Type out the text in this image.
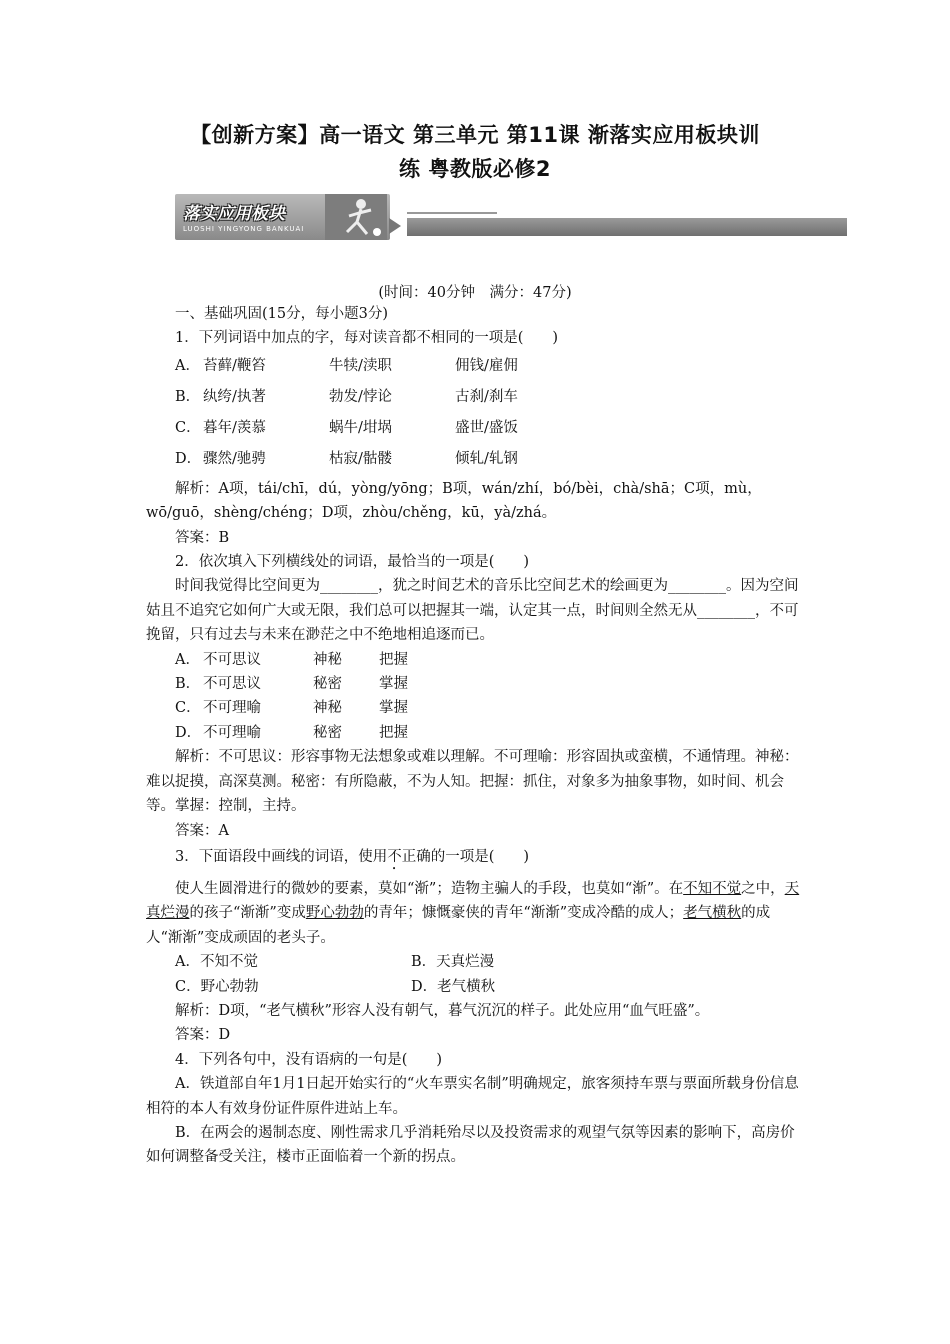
【创新方案】高一语文 第三单元 第11课 渐落实应用板块训
练 粤教版必修2
落实应用板块
LUOSHI YINGYONG BANKUAI
基础练巩固课内知识 能力练提升综合素养
(时间：40分钟　满分：47分)

一、基础巩固(15分，每小题3分)

1．下列词语中加点的字，每对读音都不相同的一项是(　　)

A． 苔藓/鞭笞	牛犊/渎职	佣钱/雇佣
B． 纨绔/执著	勃发/悖论	古刹/刹车
C． 暮年/羡慕	蜗牛/坩埚	盛世/盛饭
D． 骤然/驰骋	枯寂/骷髅	倾轧/轧钢

解析：A项，tái/chī，dú，yòng/yōng；B项，wán/zhí，bó/bèi，chà/shā；C项，mù，wō/guō，shèng/chéng；D项，zhòu/chěng，kū，yà/zhá。

答案：B

2．依次填入下列横线处的词语，最恰当的一项是(　　)

时间我觉得比空间更为________，犹之时间艺术的音乐比空间艺术的绘画更为________。因为空间姑且不追究它如何广大或无限，我们总可以把握其一端，认定其一点，时间则全然无从________，不可挽留，只有过去与未来在渺茫之中不绝地相追逐而已。

A． 不可思议	神秘	把握
B． 不可思议	秘密	掌握
C． 不可理喻	神秘	掌握
D． 不可理喻	秘密	把握

解析：不可思议：形容事物无法想象或难以理解。不可理喻：形容固执或蛮横，不通情理。神秘：难以捉摸，高深莫测。秘密：有所隐蔽，不为人知。把握：抓住，对象多为抽象事物，如时间、机会等。掌握：控制，主持。

答案：A

3．下面语段中画线的词语，使用不正确的一项是(　　)

使人生圆滑进行的微妙的要素，莫如“渐”；造物主骗人的手段，也莫如“渐”。在不知不觉之中，天真烂漫的孩子“渐渐”变成野心勃勃的青年；慷慨豪侠的青年“渐渐”变成冷酷的成人；老气横秋的成人“渐渐”变成顽固的老头子。

A．不知不觉	B．天真烂漫
C．野心勃勃	D．老气横秋

解析：D项，“老气横秋”形容人没有朝气，暮气沉沉的样子。此处应用“血气旺盛”。

答案：D

4．下列各句中，没有语病的一句是(　　)

A．铁道部自年1月1日起开始实行的“火车票实名制”明确规定，旅客须持车票与票面所载身份信息相符的本人有效身份证件原件进站上车。

B．在两会的遏制态度、刚性需求几乎消耗殆尽以及投资需求的观望气氛等因素的影响下，高房价如何调整备受关注，楼市正面临着一个新的拐点。
